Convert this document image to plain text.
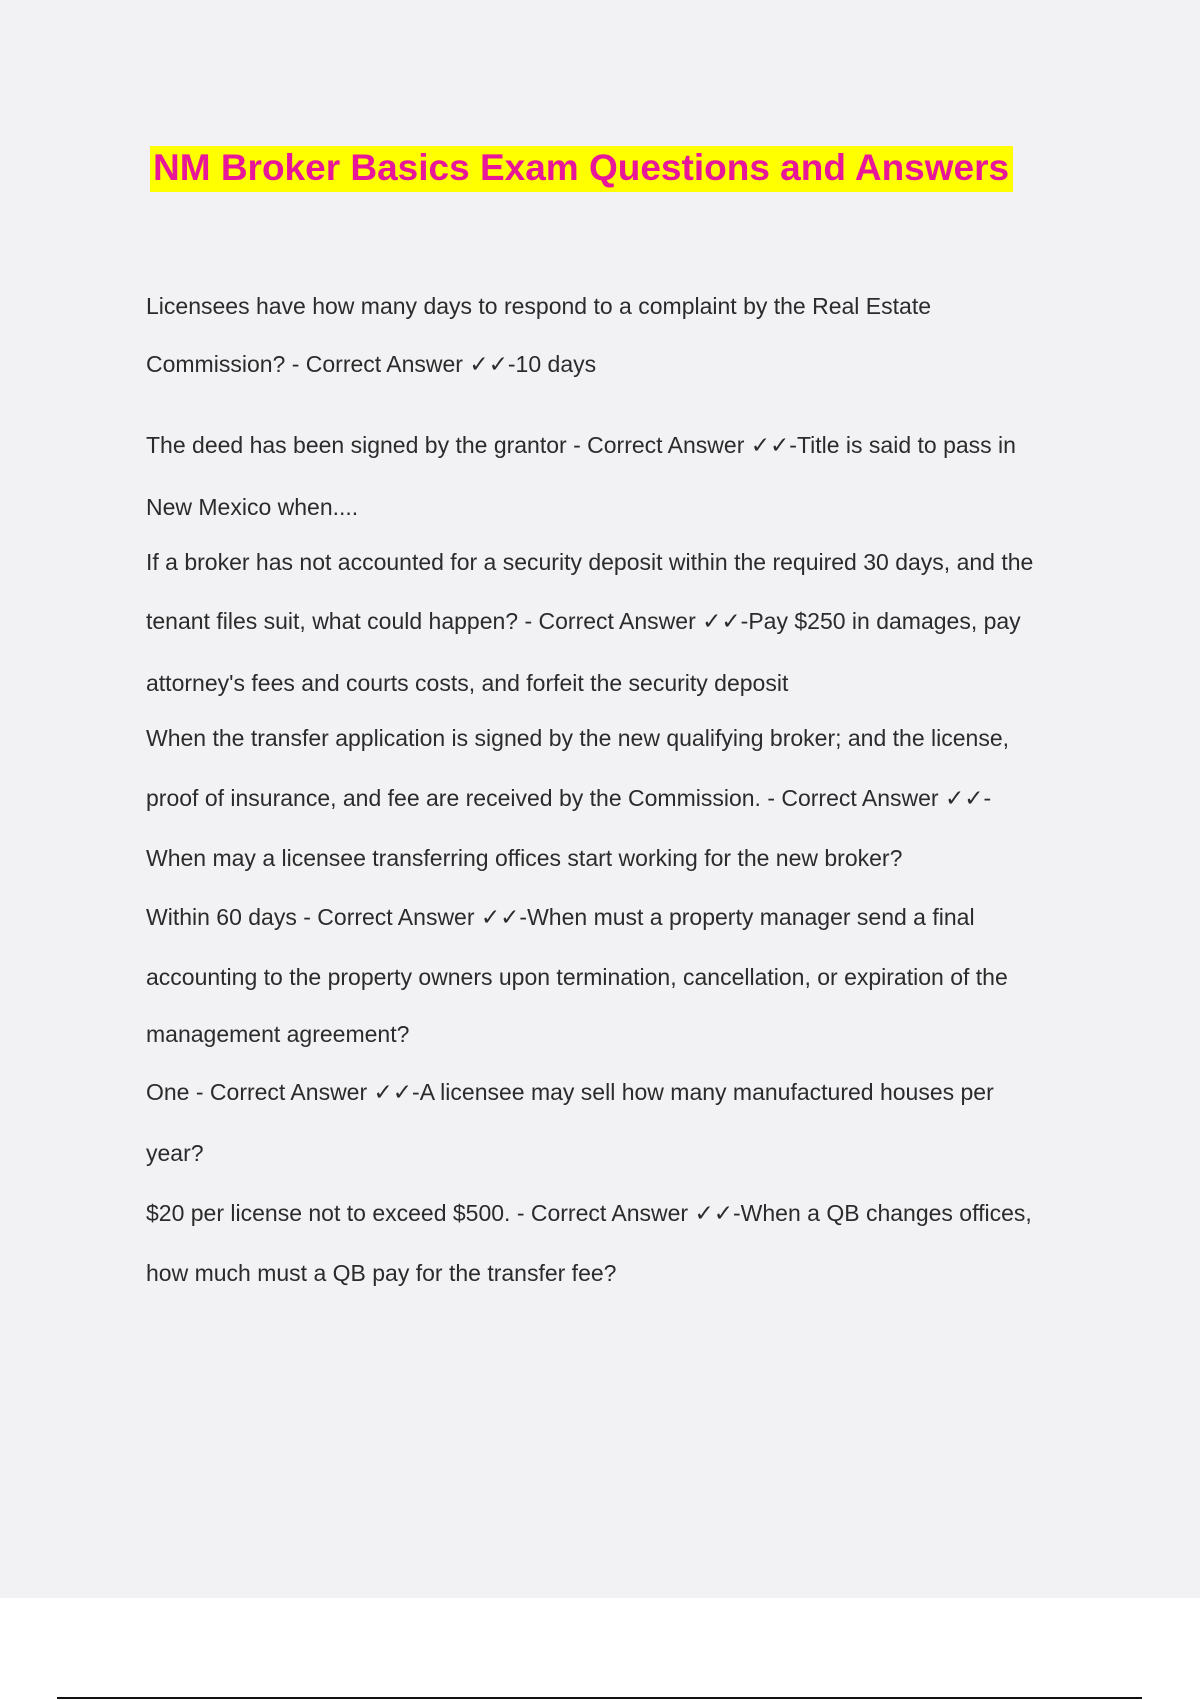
NM Broker Basics Exam Questions and Answers

Licensees have how many days to respond to a complaint by the Real Estate

Commission? - Correct Answer ✓✓-10 days

The deed has been signed by the grantor - Correct Answer ✓✓-Title is said to pass in

New Mexico when....

If a broker has not accounted for a security deposit within the required 30 days, and the

tenant files suit, what could happen? - Correct Answer ✓✓-Pay $250 in damages, pay

attorney's fees and courts costs, and forfeit the security deposit

When the transfer application is signed by the new qualifying broker; and the license,

proof of insurance, and fee are received by the Commission. - Correct Answer ✓✓-

When may a licensee transferring offices start working for the new broker?

Within 60 days - Correct Answer ✓✓-When must a property manager send a final

accounting to the property owners upon termination, cancellation, or expiration of the

management agreement?

One - Correct Answer ✓✓-A licensee may sell how many manufactured houses per

year?

$20 per license not to exceed $500. - Correct Answer ✓✓-When a QB changes offices,

how much must a QB pay for the transfer fee?
